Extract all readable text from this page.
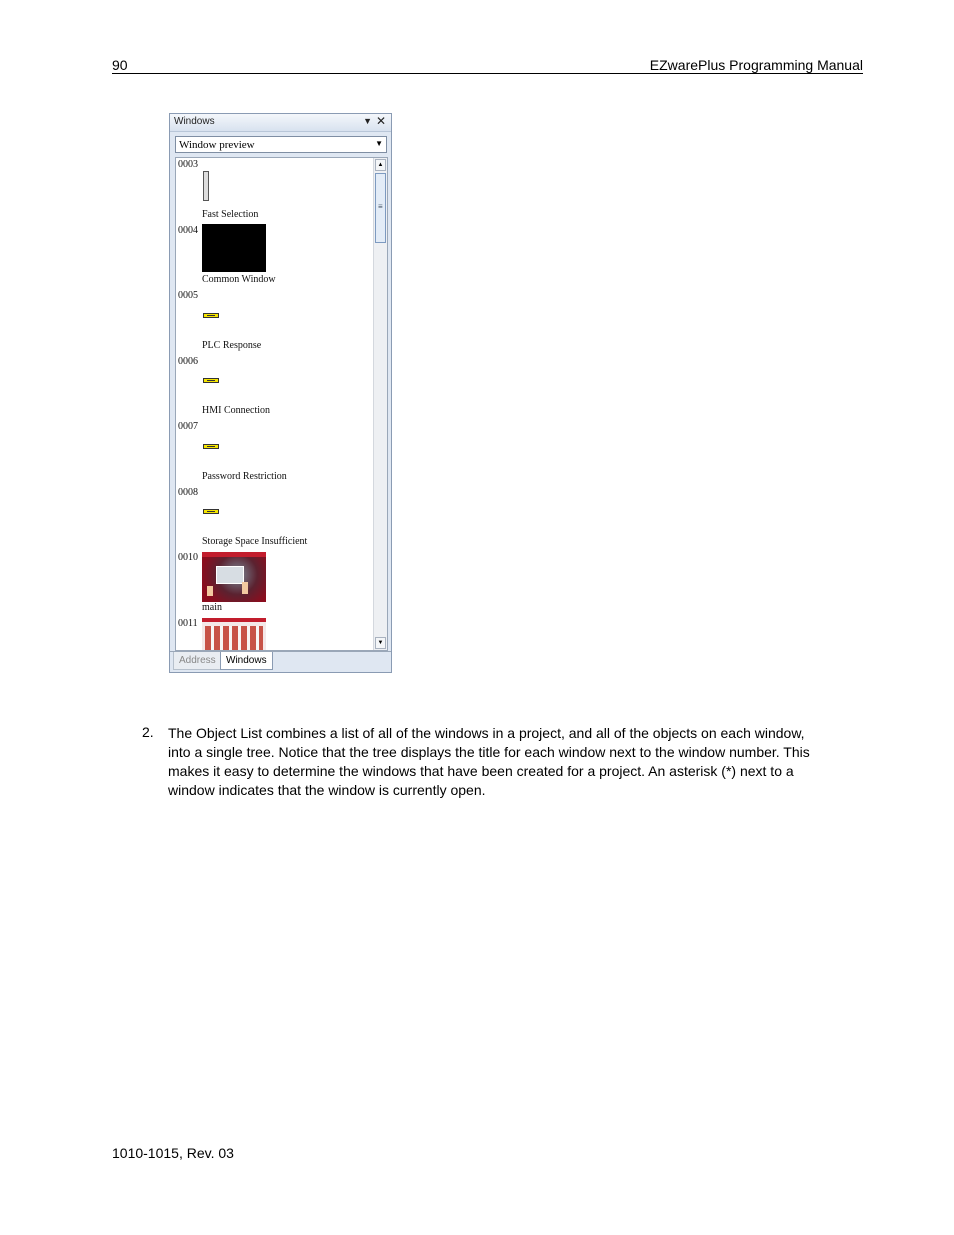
90	EZwarePlus Programming Manual
Windows	▼ ✕
Window preview	▼
0003
Fast Selection
0004
Common Window
0005
PLC Response
0006
HMI Connection
0007
Password Restriction
0008
Storage Space Insufficient
0010
main
0011
▲
≡
▼
Address	Windows
2. The Object List combines a list of all of the windows in a project, and all of the objects on each window, into a single tree. Notice that the tree displays the title for each window next to the window number. This makes it easy to determine the windows that have been created for a project. An asterisk (*) next to a window indicates that the window is currently open.
1010-1015, Rev. 03
